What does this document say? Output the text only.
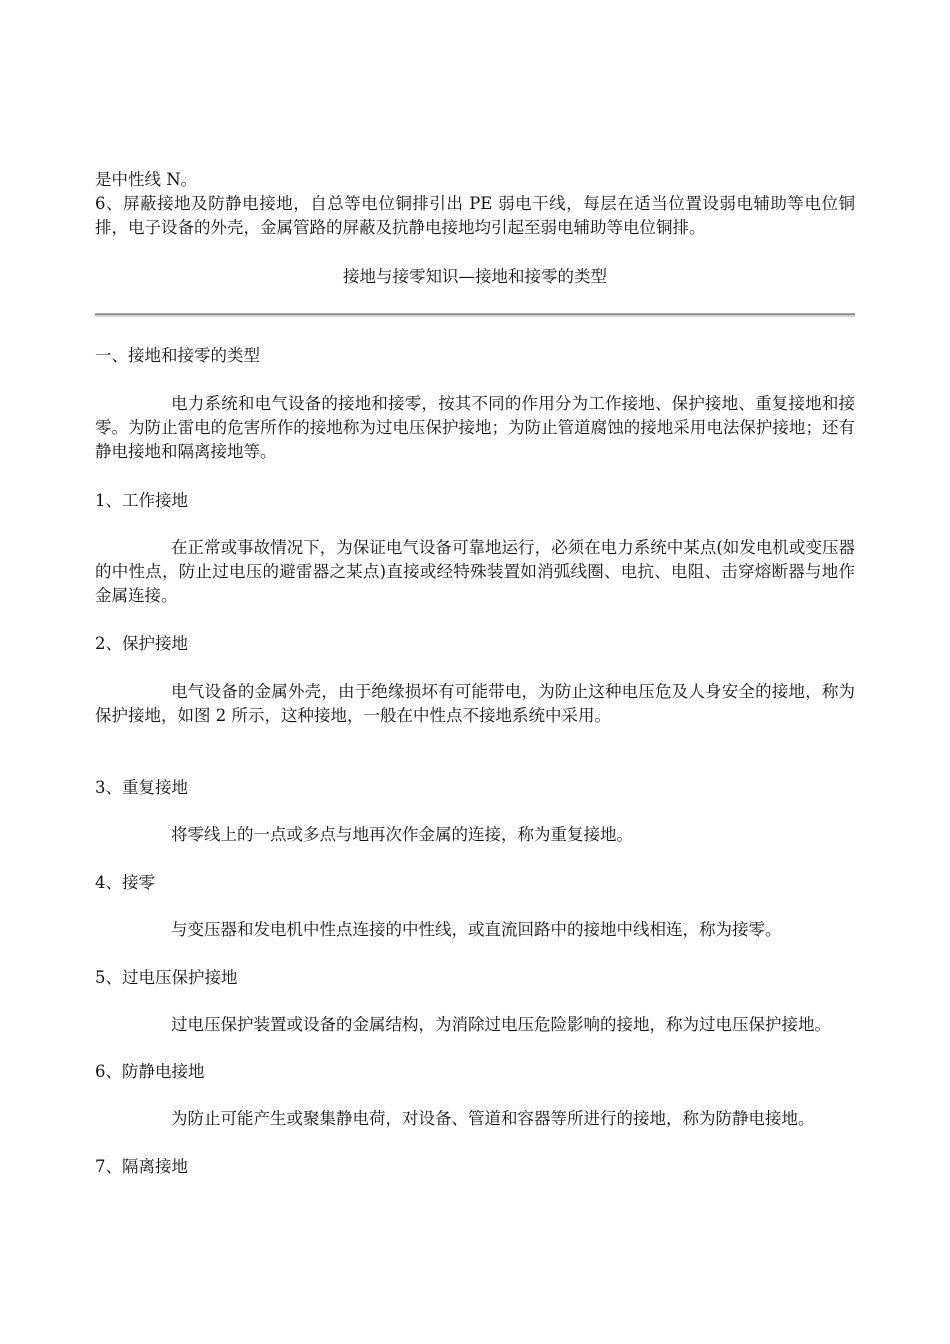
是中性线 N。
6、屏蔽接地及防静电接地，自总等电位铜排引出 PE 弱电干线，每层在适当位置设弱电辅助等电位铜排，电子设备的外壳，金属管路的屏蔽及抗静电接地均引起至弱电辅助等电位铜排。
接地与接零知识—接地和接零的类型
一、接地和接零的类型
电力系统和电气设备的接地和接零，按其不同的作用分为工作接地、保护接地、重复接地和接零。为防止雷电的危害所作的接地称为过电压保护接地；为防止管道腐蚀的接地采用电法保护接地；还有静电接地和隔离接地等。
1、工作接地
在正常或事故情况下，为保证电气设备可靠地运行，必须在电力系统中某点(如发电机或变压器的中性点，防止过电压的避雷器之某点)直接或经特殊装置如消弧线圈、电抗、电阻、击穿熔断器与地作金属连接。
2、保护接地
电气设备的金属外壳，由于绝缘损坏有可能带电，为防止这种电压危及人身安全的接地，称为保护接地，如图 2 所示，这种接地，一般在中性点不接地系统中采用。
3、重复接地
将零线上的一点或多点与地再次作金属的连接，称为重复接地。
4、接零
与变压器和发电机中性点连接的中性线，或直流回路中的接地中线相连，称为接零。
5、过电压保护接地
过电压保护装置或设备的金属结构，为消除过电压危险影响的接地，称为过电压保护接地。
6、防静电接地
为防止可能产生或聚集静电荷，对设备、管道和容器等所进行的接地，称为防静电接地。
7、隔离接地
